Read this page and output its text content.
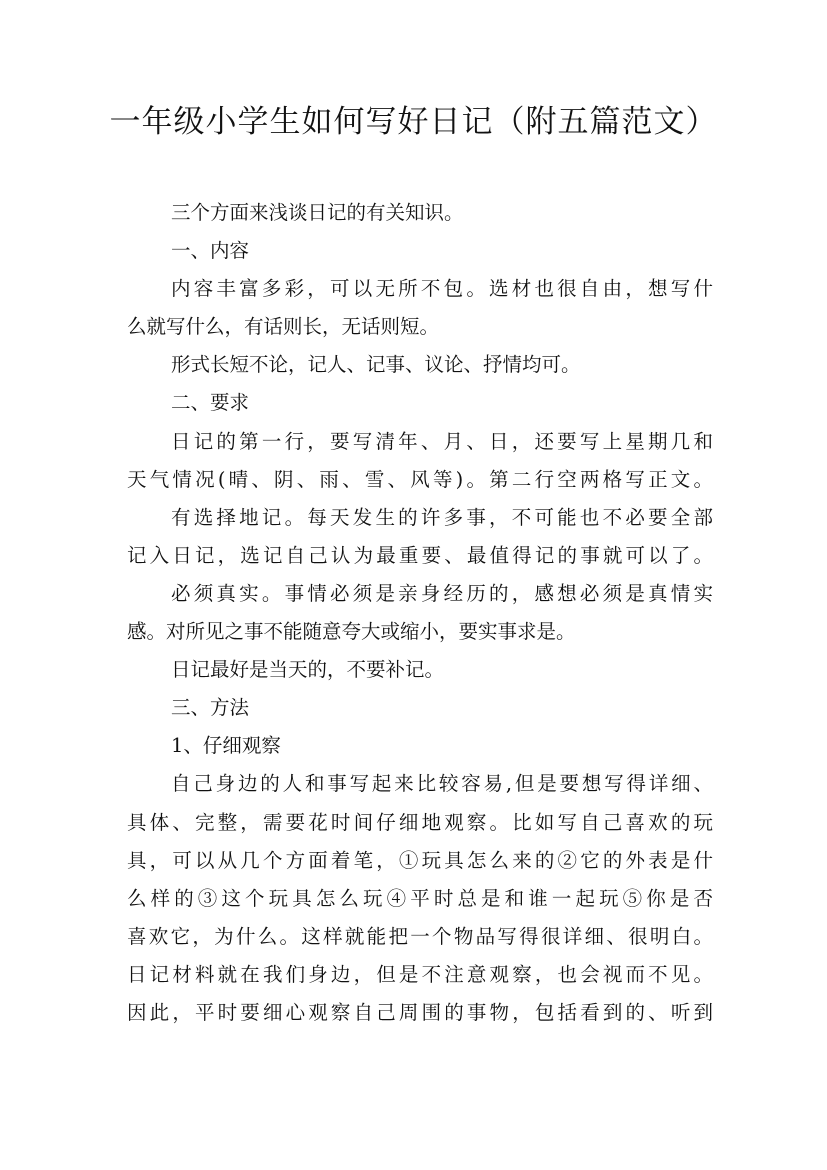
一年级小学生如何写好日记（附五篇范文）
三个方面来浅谈日记的有关知识。
一、内容
内容丰富多彩，可以无所不包。选材也很自由，想写什
么就写什么，有话则长，无话则短。
形式长短不论，记人、记事、议论、抒情均可。
二、要求
日记的第一行，要写清年、月、日，还要写上星期几和
天气情况(晴、阴、雨、雪、风等)。第二行空两格写正文。
有选择地记。每天发生的许多事，不可能也不必要全部
记入日记，选记自己认为最重要、最值得记的事就可以了。
必须真实。事情必须是亲身经历的，感想必须是真情实
感。对所见之事不能随意夸大或缩小，要实事求是。
日记最好是当天的，不要补记。
三、方法
1、仔细观察
自己身边的人和事写起来比较容易,但是要想写得详细、
具体、完整，需要花时间仔细地观察。比如写自己喜欢的玩
具，可以从几个方面着笔，①玩具怎么来的②它的外表是什
么样的③这个玩具怎么玩④平时总是和谁一起玩⑤你是否
喜欢它，为什么。这样就能把一个物品写得很详细、很明白。
日记材料就在我们身边，但是不注意观察，也会视而不见。
因此，平时要细心观察自己周围的事物，包括看到的、听到
